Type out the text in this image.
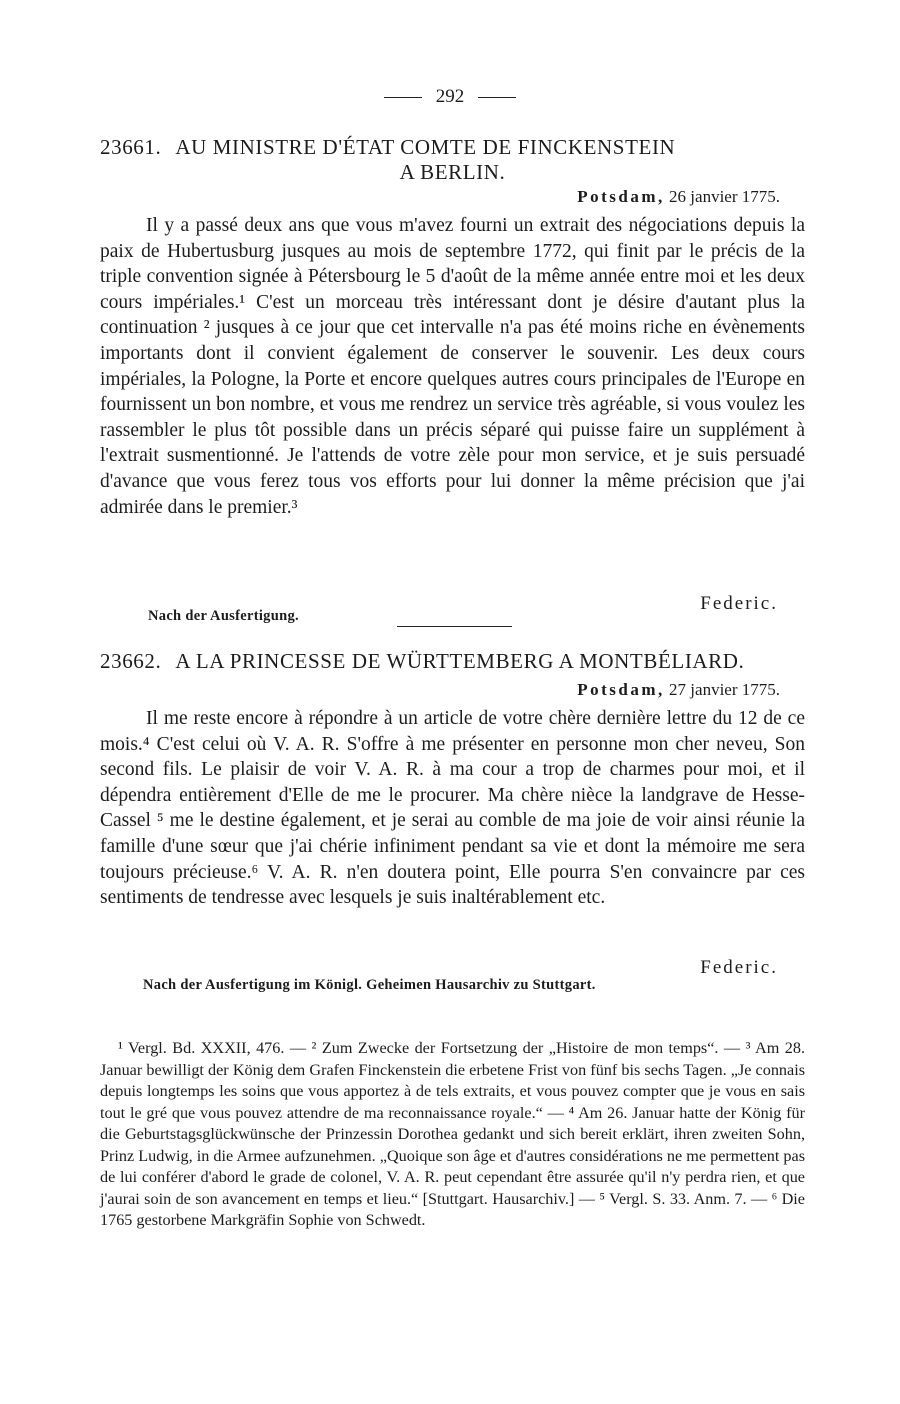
292
23661. AU MINISTRE D'ÉTAT COMTE DE FINCKENSTEIN
A BERLIN.
Potsdam, 26 janvier 1775.

Il y a passé deux ans que vous m'avez fourni un extrait des négociations depuis la paix de Hubertusburg jusques au mois de septembre 1772, qui finit par le précis de la triple convention signée à Pétersbourg le 5 d'août de la même année entre moi et les deux cours impériales.¹ C'est un morceau très intéressant dont je désire d'autant plus la continuation ² jusques à ce jour que cet intervalle n'a pas été moins riche en évènements importants dont il convient également de conserver le souvenir. Les deux cours impériales, la Pologne, la Porte et encore quelques autres cours principales de l'Europe en fournissent un bon nombre, et vous me rendrez un service très agréable, si vous voulez les rassembler le plus tôt possible dans un précis séparé qui puisse faire un supplément à l'extrait susmentionné. Je l'attends de votre zèle pour mon service, et je suis persuadé d'avance que vous ferez tous vos efforts pour lui donner la même précision que j'ai admirée dans le premier.³

Federic.
Nach der Ausfertigung.
23662. A LA PRINCESSE DE WÜRTTEMBERG A MONTBÉLIARD.
Potsdam, 27 janvier 1775.

Il me reste encore à répondre à un article de votre chère dernière lettre du 12 de ce mois.⁴ C'est celui où V. A. R. S'offre à me présenter en personne mon cher neveu, Son second fils. Le plaisir de voir V. A. R. à ma cour a trop de charmes pour moi, et il dépendra entièrement d'Elle de me le procurer. Ma chère nièce la landgrave de Hesse-Cassel ⁵ me le destine également, et je serai au comble de ma joie de voir ainsi réunie la famille d'une sœur que j'ai chérie infiniment pendant sa vie et dont la mémoire me sera toujours précieuse.⁶ V. A. R. n'en doutera point, Elle pourra S'en convaincre par ces sentiments de tendresse avec lesquels je suis inaltérablement etc.

Federic.
Nach der Ausfertigung im Königl. Geheimen Hausarchiv zu Stuttgart.

¹ Vergl. Bd. XXXII, 476. — ² Zum Zwecke der Fortsetzung der „Histoire de mon temps“. — ³ Am 28. Januar bewilligt der König dem Grafen Finckenstein die erbetene Frist von fünf bis sechs Tagen. „Je connais depuis longtemps les soins que vous apportez à de tels extraits, et vous pouvez compter que je vous en sais tout le gré que vous pouvez attendre de ma reconnaissance royale.“ — ⁴ Am 26. Januar hatte der König für die Geburtstagsglückwünsche der Prinzessin Dorothea gedankt und sich bereit erklärt, ihren zweiten Sohn, Prinz Ludwig, in die Armee aufzunehmen. „Quoique son âge et d'autres considérations ne me permettent pas de lui conférer d'abord le grade de colonel, V. A. R. peut cependant être assurée qu'il n'y perdra rien, et que j'aurai soin de son avancement en temps et lieu.“ [Stuttgart. Hausarchiv.] — ⁵ Vergl. S. 33. Anm. 7. — ⁶ Die 1765 gestorbene Markgräfin Sophie von Schwedt.
